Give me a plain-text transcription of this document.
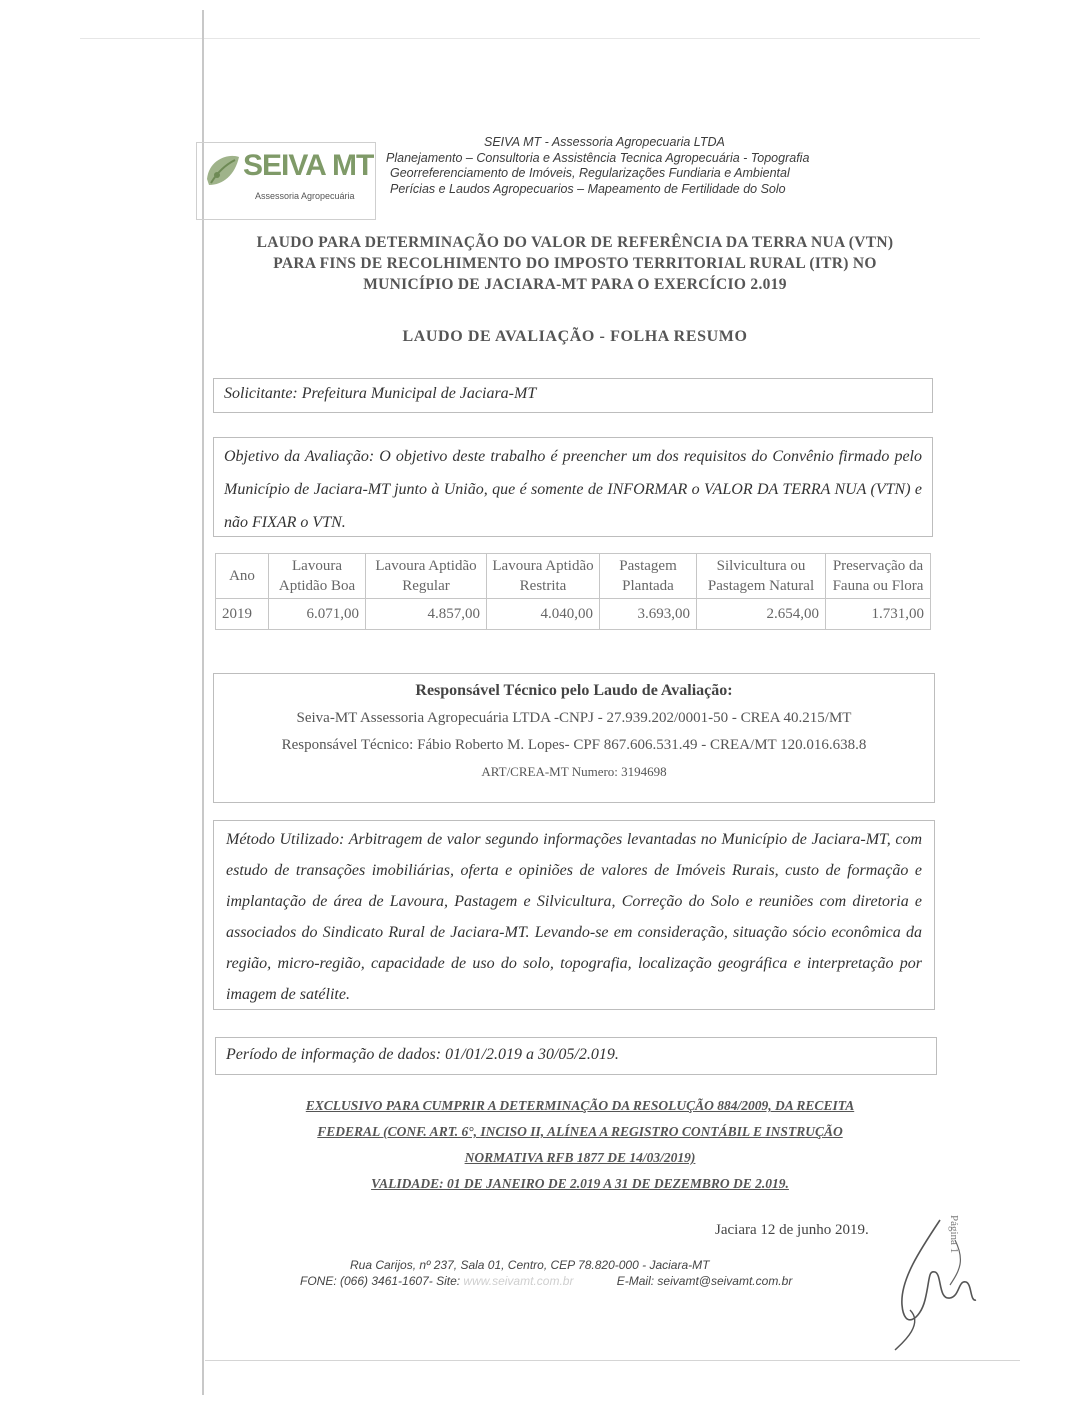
SEIVA MT
Assessoria Agropecuária
SEIVA MT - Assessoria Agropecuaria LTDA
Planejamento – Consultoria e Assistência Tecnica Agropecuária - Topografia
Georreferenciamento de Imóveis, Regularizações Fundiaria e Ambiental
Perícias e Laudos Agropecuarios – Mapeamento de Fertilidade do Solo
LAUDO PARA DETERMINAÇÃO DO VALOR DE REFERÊNCIA DA TERRA NUA (VTN)
PARA FINS DE RECOLHIMENTO DO IMPOSTO TERRITORIAL RURAL (ITR) NO
MUNICÍPIO DE JACIARA-MT PARA O EXERCÍCIO 2.019
LAUDO DE AVALIAÇÃO - FOLHA RESUMO
Solicitante: Prefeitura Municipal de Jaciara-MT
Objetivo da Avaliação: O objetivo deste trabalho é preencher um dos requisitos do Convênio firmado pelo Município de Jaciara-MT junto à União, que é somente de INFORMAR o VALOR DA TERRA NUA (VTN) e não FIXAR o VTN.
Ano	Lavoura Aptidão Boa	Lavoura Aptidão Regular	Lavoura Aptidão Restrita	Pastagem Plantada	Silvicultura ou Pastagem Natural	Preservação da Fauna ou Flora
2019	6.071,00	4.857,00	4.040,00	3.693,00	2.654,00	1.731,00
Responsável Técnico pelo Laudo de Avaliação:
Seiva-MT Assessoria Agropecuária LTDA -CNPJ - 27.939.202/0001-50 - CREA 40.215/MT
Responsável Técnico: Fábio Roberto M. Lopes- CPF 867.606.531.49 - CREA/MT 120.016.638.8
ART/CREA-MT Numero: 3194698
Método Utilizado: Arbitragem de valor segundo informações levantadas no Município de Jaciara-MT, com estudo de transações imobiliárias, oferta e opiniões de valores de Imóveis Rurais, custo de formação e implantação de área de Lavoura, Pastagem e Silvicultura, Correção do Solo e reuniões com diretoria e associados do Sindicato Rural de Jaciara-MT. Levando-se em consideração, situação sócio econômica da região, micro-região, capacidade de uso do solo, topografia, localização geográfica e interpretação por imagem de satélite.
Período de informação de dados: 01/01/2.019 a 30/05/2.019.
EXCLUSIVO PARA CUMPRIR A DETERMINAÇÃO DA RESOLUÇÃO 884/2009, DA RECEITA
FEDERAL (CONF. ART. 6°, INCISO II, ALÍNEA A REGISTRO CONTÁBIL E INSTRUÇÃO
NORMATIVA RFB 1877 DE 14/03/2019)
VALIDADE: 01 DE JANEIRO DE 2.019 A 31 DE DEZEMBRO DE 2.019.
Jaciara 12 de junho 2019.	Página 1
Rua Carijos, nº 237, Sala 01, Centro, CEP 78.820-000 - Jaciara-MT
FONE: (066) 3461-1607- Site: www.seivamt.com.br	E-Mail: seivamt@seivamt.com.br
